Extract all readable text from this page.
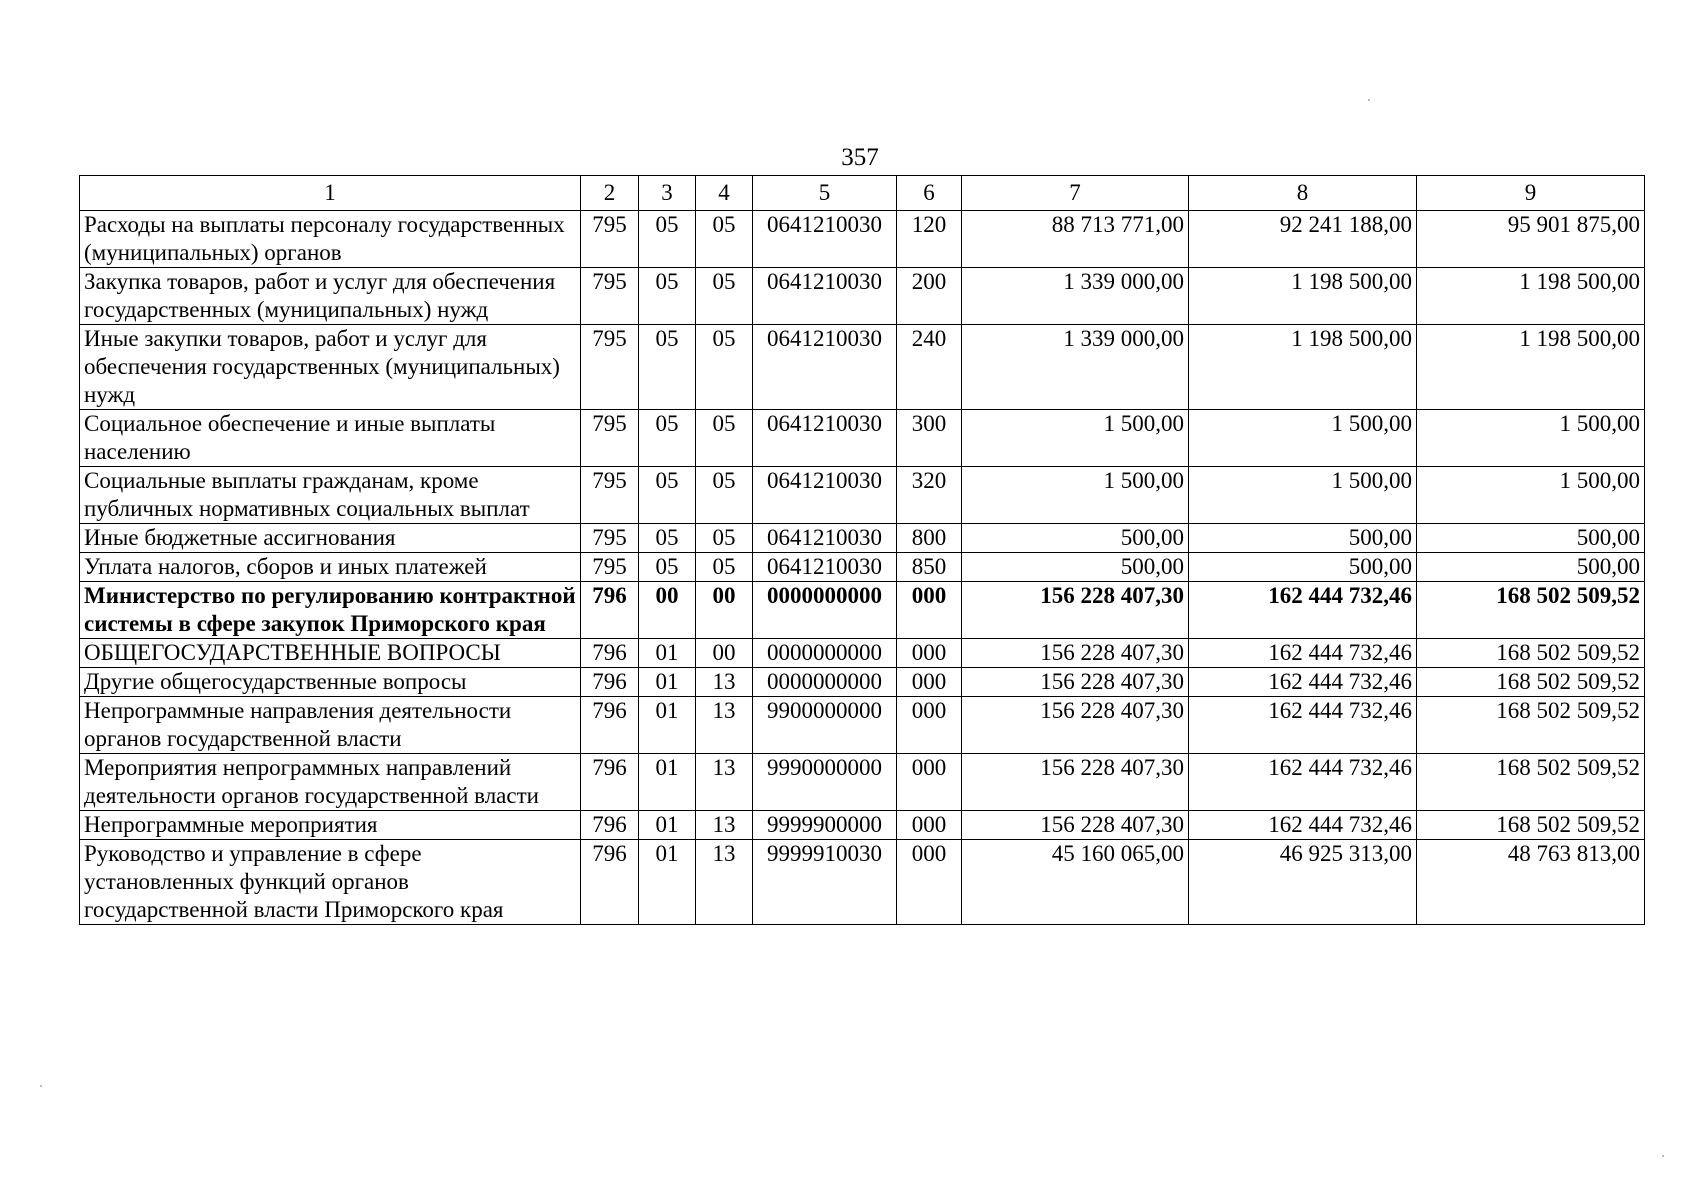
357
1	2	3	4	5	6	7	8	9
Расходы на выплаты персоналу государственных (муниципальных) органов	795	05	05	0641210030	120	88 713 771,00	92 241 188,00	95 901 875,00
Закупка товаров, работ и услуг для обеспечения государственных (муниципальных) нужд	795	05	05	0641210030	200	1 339 000,00	1 198 500,00	1 198 500,00
Иные закупки товаров, работ и услуг для обеспечения государственных (муниципальных) нужд	795	05	05	0641210030	240	1 339 000,00	1 198 500,00	1 198 500,00
Социальное обеспечение и иные выплаты населению	795	05	05	0641210030	300	1 500,00	1 500,00	1 500,00
Социальные выплаты гражданам, кроме публичных нормативных социальных выплат	795	05	05	0641210030	320	1 500,00	1 500,00	1 500,00
Иные бюджетные ассигнования	795	05	05	0641210030	800	500,00	500,00	500,00
Уплата налогов, сборов и иных платежей	795	05	05	0641210030	850	500,00	500,00	500,00
Министерство по регулированию контрактной системы в сфере закупок Приморского края	796	00	00	0000000000	000	156 228 407,30	162 444 732,46	168 502 509,52
ОБЩЕГОСУДАРСТВЕННЫЕ ВОПРОСЫ	796	01	00	0000000000	000	156 228 407,30	162 444 732,46	168 502 509,52
Другие общегосударственные вопросы	796	01	13	0000000000	000	156 228 407,30	162 444 732,46	168 502 509,52
Непрограммные направления деятельности органов государственной власти	796	01	13	9900000000	000	156 228 407,30	162 444 732,46	168 502 509,52
Мероприятия непрограммных направлений деятельности органов государственной власти	796	01	13	9990000000	000	156 228 407,30	162 444 732,46	168 502 509,52
Непрограммные мероприятия	796	01	13	9999900000	000	156 228 407,30	162 444 732,46	168 502 509,52
Руководство и управление в сфере установленных функций органов государственной власти Приморского края	796	01	13	9999910030	000	45 160 065,00	46 925 313,00	48 763 813,00
